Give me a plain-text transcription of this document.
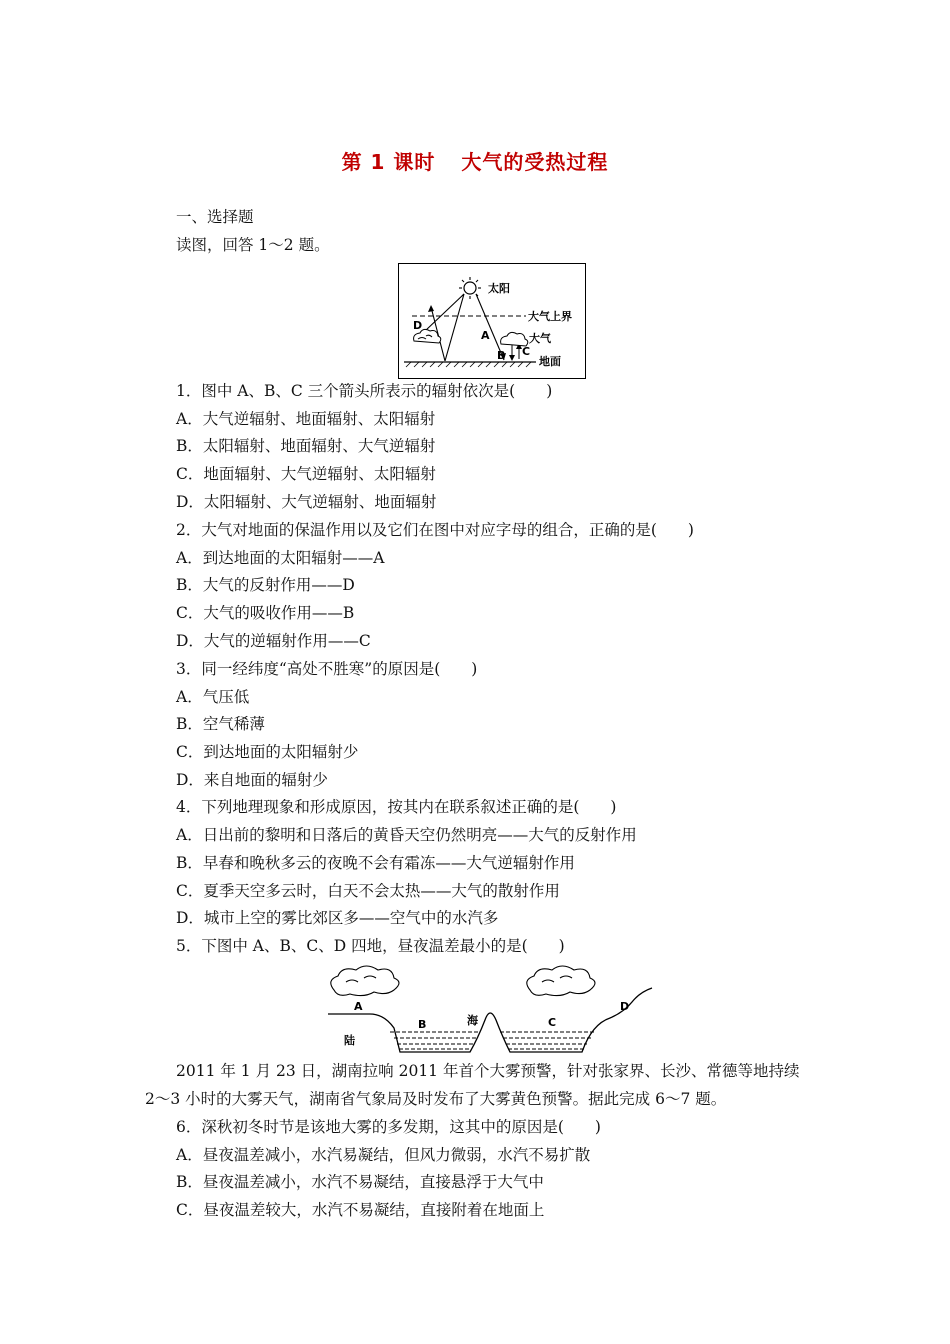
第 1 课时 大气的受热过程
一、选择题
读图，回答 1～2 题。
太阳
大气上界
D
A
B C
大气
地面
1．图中 A、B、C 三个箭头所表示的辐射依次是(　　)
A．大气逆辐射、地面辐射、太阳辐射
B．太阳辐射、地面辐射、大气逆辐射
C．地面辐射、大气逆辐射、太阳辐射
D．太阳辐射、大气逆辐射、地面辐射
2．大气对地面的保温作用以及它们在图中对应字母的组合，正确的是(　　)
A．到达地面的太阳辐射——A
B．大气的反射作用——D
C．大气的吸收作用——B
D．大气的逆辐射作用——C
3．同一经纬度“高处不胜寒”的原因是(　　)
A．气压低
B．空气稀薄
C．到达地面的太阳辐射少
D．来自地面的辐射少
4．下列地理现象和形成原因，按其内在联系叙述正确的是(　　)
A．日出前的黎明和日落后的黄昏天空仍然明亮——大气的反射作用
B．早春和晚秋多云的夜晚不会有霜冻——大气逆辐射作用
C．夏季天空多云时，白天不会太热——大气的散射作用
D．城市上空的雾比郊区多——空气中的水汽多
5．下图中 A、B、C、D 四地，昼夜温差最小的是(　　)
A
B	C
D
陆
海
2011 年 1 月 23 日，湖南拉响 2011 年首个大雾预警，针对张家界、长沙、常德等地持续 2～3 小时的大雾天气，湖南省气象局及时发布了大雾黄色预警。据此完成 6～7 题。
6．深秋初冬时节是该地大雾的多发期，这其中的原因是(　　)
A．昼夜温差减小，水汽易凝结，但风力微弱，水汽不易扩散
B．昼夜温差减小，水汽不易凝结，直接悬浮于大气中
C．昼夜温差较大，水汽不易凝结，直接附着在地面上
